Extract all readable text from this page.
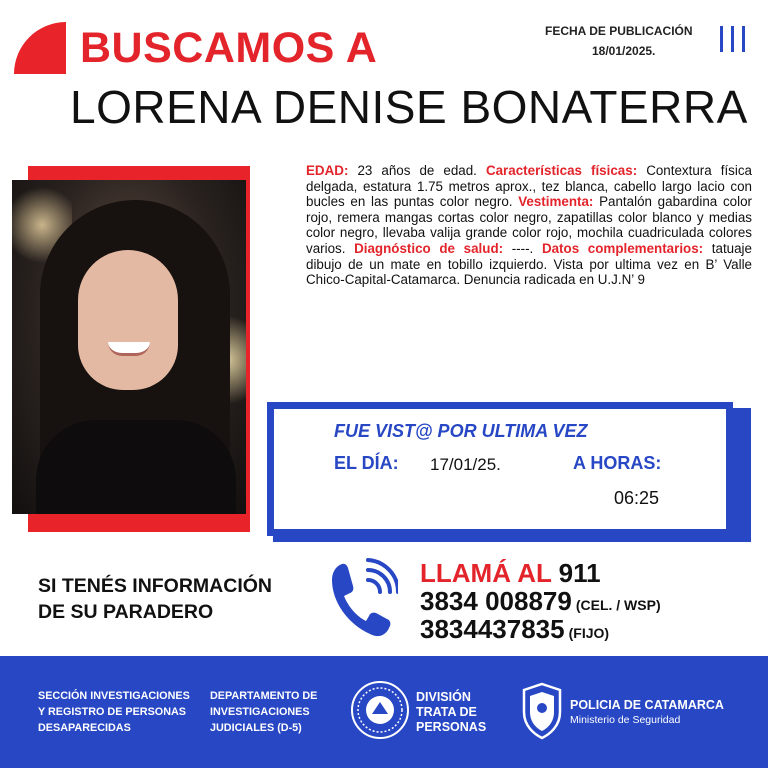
BUSCAMOS A	FECHA DE PUBLICACIÓN
18/01/2025.
LORENA DENISE BONATERRA
EDAD: 23 años de edad. Características físicas: Contextura física delgada, estatura 1.75 metros aprox., tez blanca, cabello largo lacio con bucles en las puntas color negro. Vestimenta: Pantalón gabardina color rojo, remera mangas cortas color negro, zapatillas color blanco y medias color negro, llevaba valija grande color rojo, mochila cuadriculada colores varios. Diagnóstico de salud: ----. Datos complementarios: tatuaje dibujo de un mate en tobillo izquierdo. Vista por ultima vez en B’ Valle Chico-Capital-Catamarca. Denuncia radicada en U.J.N’ 9
FUE VIST@ POR ULTIMA VEZ
EL DÍA: 17/01/25.	A HORAS:
06:25
SI TENÉS INFORMACIÓN
DE SU PARADERO
LLAMÁ AL 911
3834 008879 (CEL. / WSP)
3834437835 (FIJO)
SECCIÓN INVESTIGACIONES
Y REGISTRO DE PERSONAS
DESAPARECIDAS
DEPARTAMENTO DE
INVESTIGACIONES
JUDICIALES (D-5)
DIVISIÓN
TRATA DE
PERSONAS
POLICIA DE CATAMARCA
Ministerio de Seguridad
